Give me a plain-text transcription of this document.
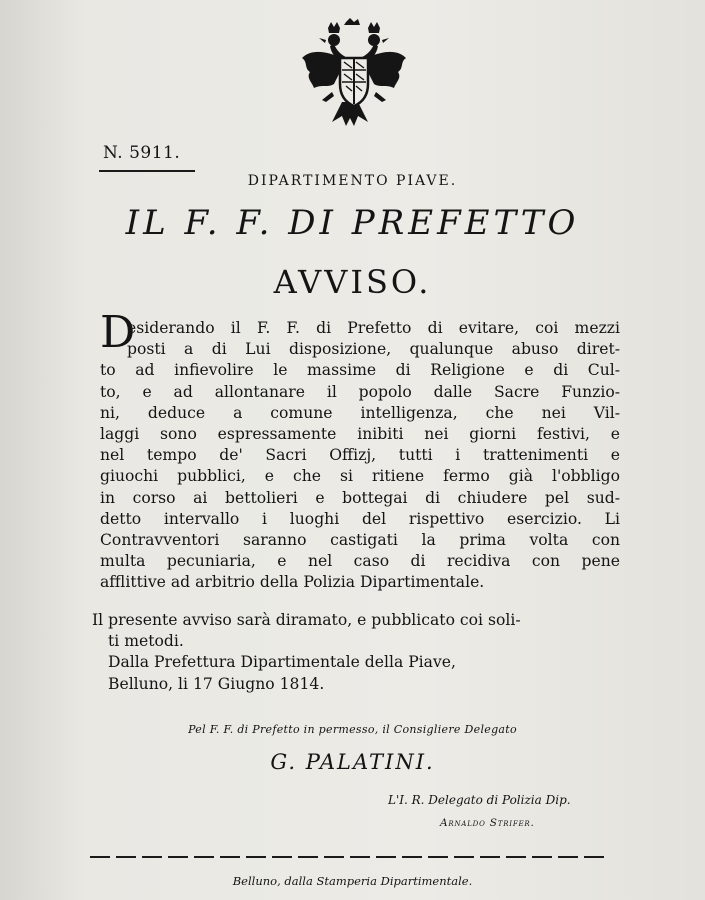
N. 5911.
DIPARTIMENTO PIAVE.
IL F. F. DI PREFETTO
AVVISO.
D
esiderando il F. F. di Prefetto di evitare, coi mezzi
posti a di Lui disposizione, qualunque abuso diret-
to ad infievolire le massime di Religione e di Cul-
to, e ad allontanare il popolo dalle Sacre Funzio-
ni, deduce a comune intelligenza, che nei Vil-
laggi sono espressamente inibiti nei giorni festivi, e
nel tempo de' Sacri Offizj, tutti i trattenimenti e
giuochi pubblici, e che si ritiene fermo già l'obbligo
in corso ai bettolieri e bottegai di chiudere pel sud-
detto intervallo i luoghi del rispettivo esercizio. Li
Contravventori saranno castigati la prima volta con
multa pecuniaria, e nel caso di recidiva con pene
afflittive ad arbitrio della Polizia Dipartimentale.
Il presente avviso sarà diramato, e pubblicato coi soli-
ti metodi.
Dalla Prefettura Dipartimentale della Piave,
Belluno, li 17 Giugno 1814.
Pel F. F. di Prefetto in permesso, il Consigliere Delegato
G. PALATINI.
L'I. R. Delegato di Polizia Dip.
Arnaldo Strifer.
Belluno, dalla Stamperia Dipartimentale.
